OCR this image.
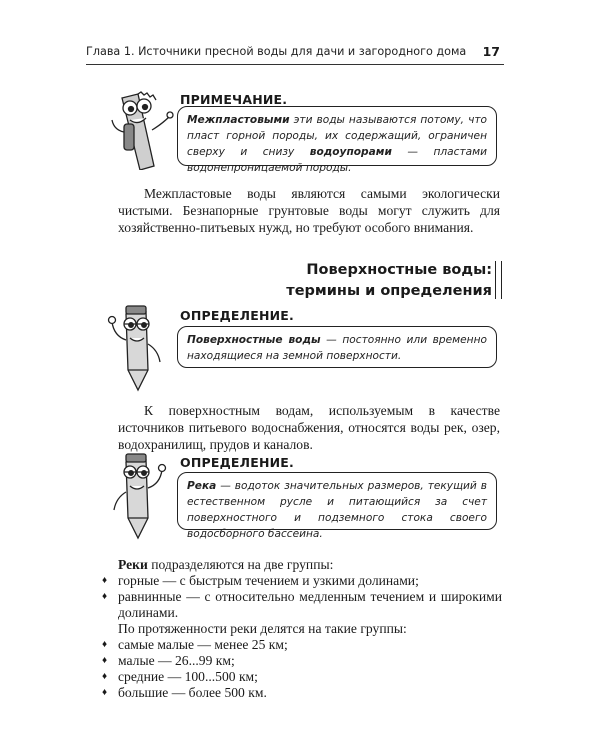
Глава 1. Источники пресной воды для дачи и загородного дома 17
ПРИМЕЧАНИЕ.
Межпластовыми эти воды называются потому, что пласт горной породы, их содержащий, ограничен сверху и снизу водоупорами — пластами водонепроницаемой породы.
Межпластовые воды являются самыми экологически чистыми. Безнапорные грунтовые воды могут служить для хозяйственно-питьевых нужд, но требуют особого внимания.
Поверхностные воды:
термины и определения
ОПРЕДЕЛЕНИЕ.
Поверхностные воды — постоянно или временно находящиеся на земной поверхности.
К поверхностным водам, используемым в качестве источников питьевого водоснабжения, относятся воды рек, озер, водохранилищ, прудов и каналов.
ОПРЕДЕЛЕНИЕ.
Река — водоток значительных размеров, текущий в естественном русле и питающийся за счет поверхностного и подземного стока своего водосборного бассейна.
Реки подразделяются на две группы:
♦ горные — с быстрым течением и узкими долинами;
♦ равнинные — с относительно медленным течением и широкими долинами.
По протяженности реки делятся на такие группы:
♦ самые малые — менее 25 км;
♦ малые — 26...99 км;
♦ средние — 100...500 км;
♦ большие — более 500 км.
